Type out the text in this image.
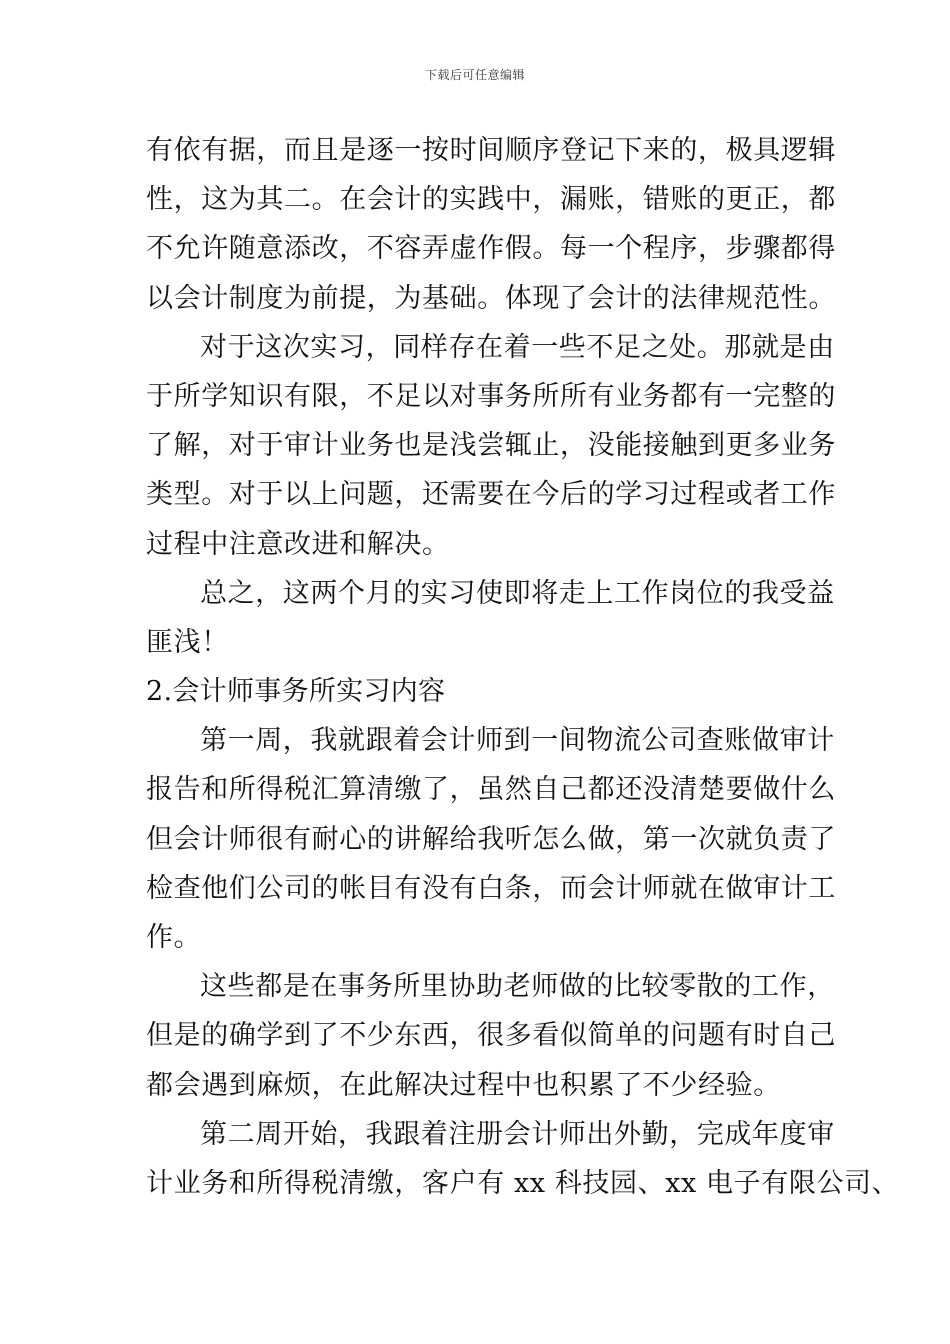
下载后可任意编辑
有依有据，而且是逐一按时间顺序登记下来的，极具逻辑
性，这为其二。在会计的实践中，漏账，错账的更正，都
不允许随意添改，不容弄虚作假。每一个程序，步骤都得
以会计制度为前提，为基础。体现了会计的法律规范性。
对于这次实习，同样存在着一些不足之处。那就是由
于所学知识有限，不足以对事务所所有业务都有一完整的
了解，对于审计业务也是浅尝辄止，没能接触到更多业务
类型。对于以上问题，还需要在今后的学习过程或者工作
过程中注意改进和解决。
总之，这两个月的实习使即将走上工作岗位的我受益
匪浅！
2.会计师事务所实习内容
第一周，我就跟着会计师到一间物流公司查账做审计
报告和所得税汇算清缴了，虽然自己都还没清楚要做什么
但会计师很有耐心的讲解给我听怎么做，第一次就负责了
检查他们公司的帐目有没有白条，而会计师就在做审计工
作。
这些都是在事务所里协助老师做的比较零散的工作，
但是的确学到了不少东西，很多看似简单的问题有时自己
都会遇到麻烦，在此解决过程中也积累了不少经验。
第二周开始，我跟着注册会计师出外勤，完成年度审
计业务和所得税清缴，客户有 xx 科技园、xx 电子有限公司、
